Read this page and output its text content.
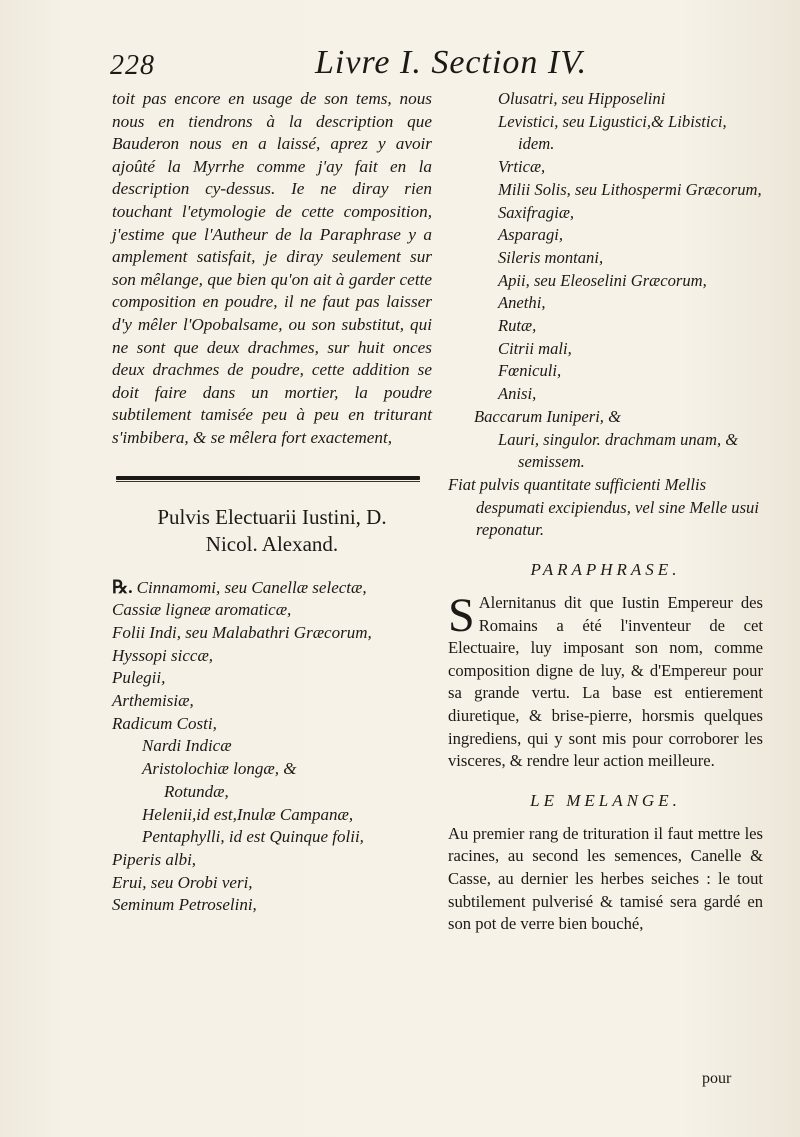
228	Livre I. Section IV.

toit pas encore en usage de son tems, nous nous en tiendrons à la description que Bauderon nous en a laissé, aprez y avoir ajoûté la Myrrhe comme j'ay fait en la description cy-dessus. Ie ne diray rien touchant l'etymologie de cette composition, j'estime que l'Autheur de la Paraphrase y a amplement satisfait, je diray seulement sur son mêlange, que bien qu'on ait à garder cette composition en poudre, il ne faut pas laisser d'y mêler l'Opobalsame, ou son substitut, qui ne sont que deux drachmes, sur huit onces deux drachmes de poudre, cette addition se doit faire dans un mortier, la poudre subtilement tamisée peu à peu en triturant s'imbibera, & se mêlera fort exactement,

Pulvis Electuarii Iustini, D.
Nicol. Alexand.
℞. Cinnamomi, seu Canellæ selectæ,
Cassiæ ligneæ aromaticæ,
Folii Indi, seu Malabathri Græcorum,
Hyssopi siccæ,
Pulegii,
Arthemisiæ,
Radicum Costi,
Nardi Indicæ
Aristolochiæ longæ, &
Rotundæ,
Helenii,id est,Inulæ Campanæ,
Pentaphylli, id est Quinque folii,
Piperis albi,
Erui, seu Orobi veri,
Seminum Petroselini,
Olusatri, seu Hipposelini
Levistici, seu Ligustici,& Libistici, idem.
Vrticæ,
Milii Solis, seu Lithospermi Græcorum,
Saxifragiæ,
Asparagi,
Sileris montani,
Apii, seu Eleoselini Græcorum,
Anethi,
Rutæ,
Citrii mali,
Fœniculi,
Anisi,
Baccarum Iuniperi, &
Lauri, singulor. drachmam unam, & semissem.
Fiat pulvis quantitate sufficienti Mellis despumati excipiendus, vel sine Melle usui reponatur.
PARAPHRASE.

S Alernitanus dit que Iustin Empereur des Romains a été l'inventeur de cet Electuaire, luy imposant son nom, comme composition digne de luy, & d'Empereur pour sa grande vertu. La base est entierement diuretique, & brise-pierre, horsmis quelques ingrediens, qui y sont mis pour corroborer les visceres, & rendre leur action meilleure.

LE MELANGE.

Au premier rang de trituration il faut mettre les racines, au second les semences, Canelle & Casse, au dernier les herbes seiches : le tout subtilement pulverisé & tamisé sera gardé en son pot de verre bien bouché,

pour
